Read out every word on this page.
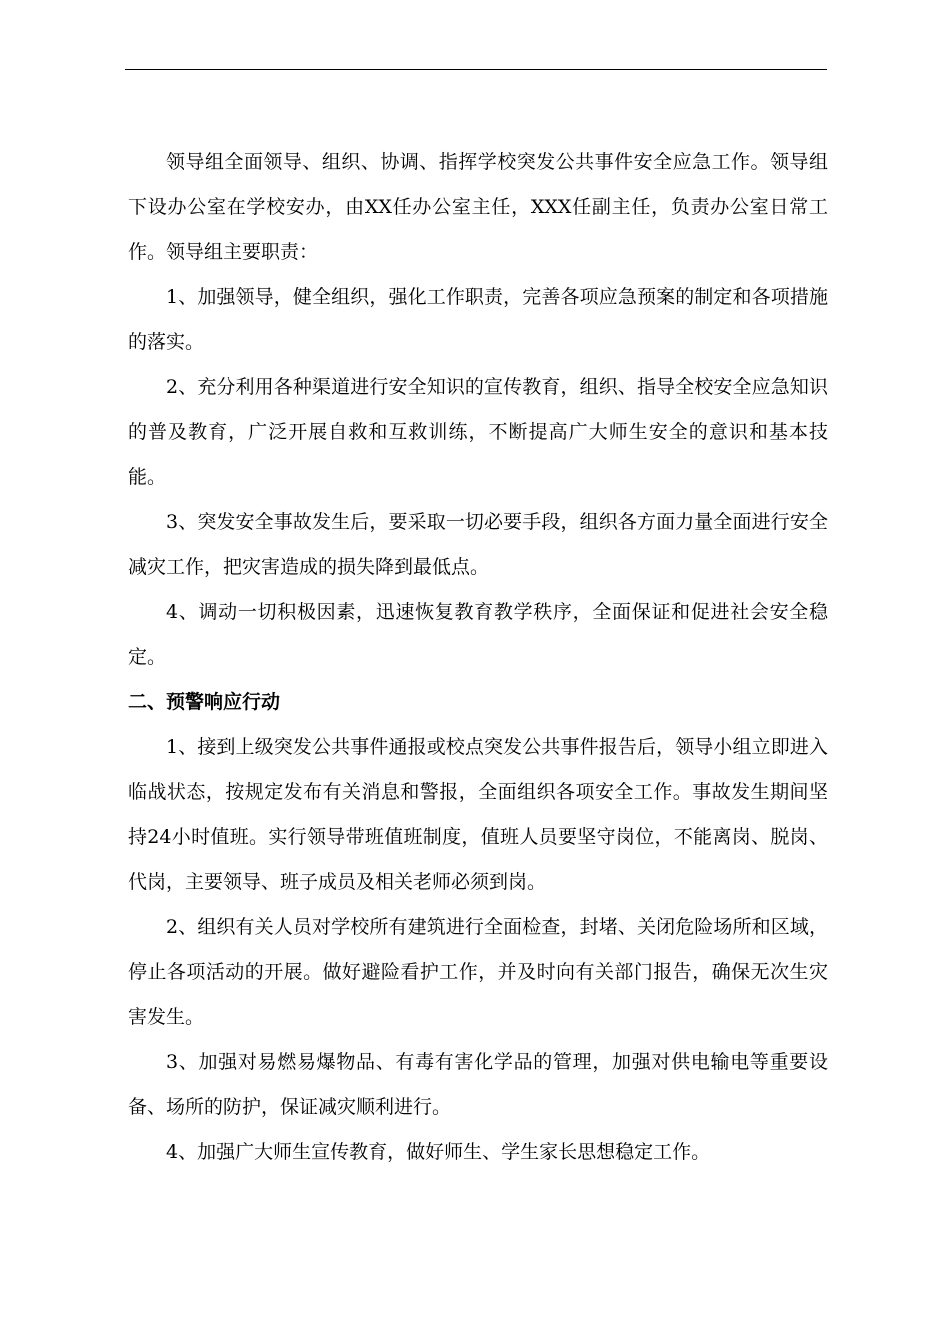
领导组全面领导、组织、协调、指挥学校突发公共事件安全应急工作。领导组下设办公室在学校安办，由XX任办公室主任，XXX任副主任，负责办公室日常工作。领导组主要职责：

1、加强领导，健全组织，强化工作职责，完善各项应急预案的制定和各项措施的落实。

2、充分利用各种渠道进行安全知识的宣传教育，组织、指导全校安全应急知识的普及教育，广泛开展自救和互救训练，不断提高广大师生安全的意识和基本技能。

3、突发安全事故发生后，要采取一切必要手段，组织各方面力量全面进行安全减灾工作，把灾害造成的损失降到最低点。

4、调动一切积极因素，迅速恢复教育教学秩序，全面保证和促进社会安全稳定。

二、预警响应行动

1、接到上级突发公共事件通报或校点突发公共事件报告后，领导小组立即进入临战状态，按规定发布有关消息和警报，全面组织各项安全工作。事故发生期间坚持24小时值班。实行领导带班值班制度，值班人员要坚守岗位，不能离岗、脱岗、代岗，主要领导、班子成员及相关老师必须到岗。

2、组织有关人员对学校所有建筑进行全面检查，封堵、关闭危险场所和区域，停止各项活动的开展。做好避险看护工作，并及时向有关部门报告，确保无次生灾害发生。

3、加强对易燃易爆物品、有毒有害化学品的管理，加强对供电输电等重要设备、场所的防护，保证减灾顺利进行。

4、加强广大师生宣传教育，做好师生、学生家长思想稳定工作。
